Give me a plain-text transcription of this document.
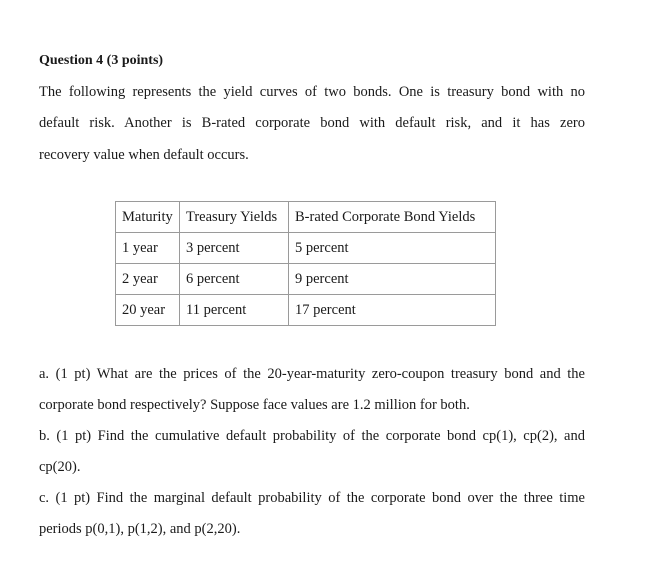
Question 4 (3 points)
The following represents the yield curves of two bonds. One is treasury bond with no
default risk. Another is B-rated corporate bond with default risk, and it has zero
recovery value when default occurs.
Maturity	Treasury Yields	B-rated Corporate Bond Yields
1 year	3 percent	5 percent
2 year	6 percent	9 percent
20 year	11 percent	17 percent
a. (1 pt) What are the prices of the 20-year-maturity zero-coupon treasury bond and the
corporate bond respectively? Suppose face values are 1.2 million for both.
b. (1 pt) Find the cumulative default probability of the corporate bond cp(1), cp(2), and
cp(20).
c. (1 pt) Find the marginal default probability of the corporate bond over the three time
periods p(0,1), p(1,2), and p(2,20).
